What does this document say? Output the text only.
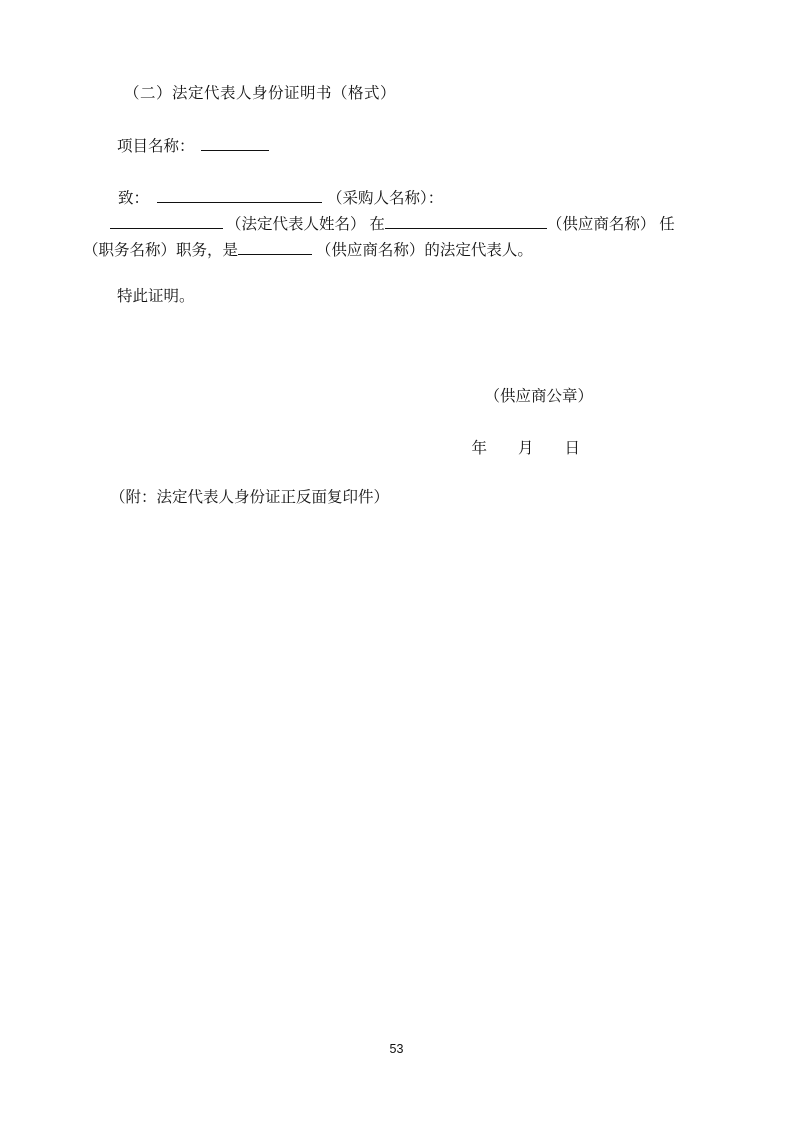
（二）法定代表人身份证明书（格式）
项目名称：
致：	（采购人名称）：
（法定代表人姓名） 在	（供应商名称） 任
（职务名称）职务，是	（供应商名称）的法定代表人。
特此证明。
（供应商公章）
年　　月　　日
（附：法定代表人身份证正反面复印件）
53
